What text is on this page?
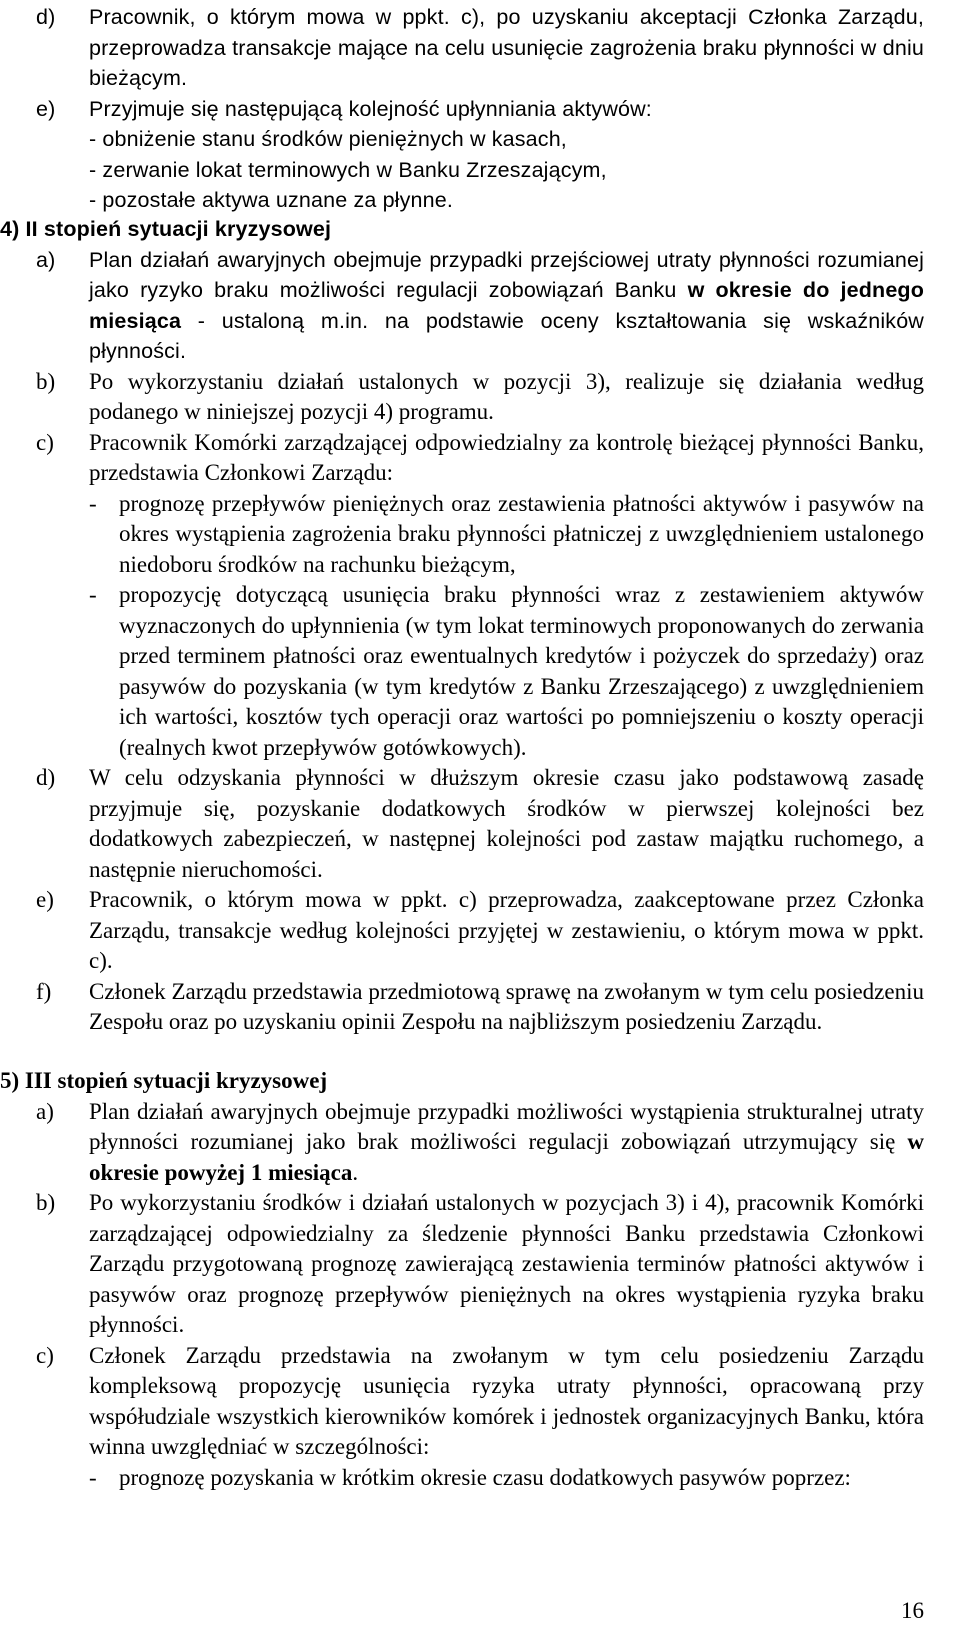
d) Pracownik, o którym mowa w ppkt. c), po uzyskaniu akceptacji Członka Zarządu, przeprowadza transakcje mające na celu usunięcie zagrożenia braku płynności w dniu bieżącym.
e) Przyjmuje się następującą kolejność upłynniania aktywów:
- obniżenie stanu środków pieniężnych w kasach,
- zerwanie lokat terminowych w Banku Zrzeszającym,
- pozostałe aktywa uznane za płynne.
4) II stopień sytuacji kryzysowej
a) Plan działań awaryjnych obejmuje przypadki przejściowej utraty płynności rozumianej jako ryzyko braku możliwości regulacji zobowiązań Banku w okresie do jednego miesiąca - ustaloną m.in. na podstawie oceny kształtowania się wskaźników płynności.
b) Po wykorzystaniu działań ustalonych w pozycji 3), realizuje się działania według podanego w niniejszej pozycji 4) programu.
c) Pracownik Komórki zarządzającej odpowiedzialny za kontrolę bieżącej płynności Banku, przedstawia Członkowi Zarządu:
- prognozę przepływów pieniężnych oraz zestawienia płatności aktywów i pasywów na okres wystąpienia zagrożenia braku płynności płatniczej z uwzględnieniem ustalonego niedoboru środków na rachunku bieżącym,
- propozycję dotyczącą usunięcia braku płynności wraz z zestawieniem aktywów wyznaczonych do upłynnienia (w tym lokat terminowych proponowanych do zerwania przed terminem płatności oraz ewentualnych kredytów i pożyczek do sprzedaży) oraz pasywów do pozyskania (w tym kredytów z Banku Zrzeszającego) z uwzględnieniem ich wartości, kosztów tych operacji oraz wartości po pomniejszeniu o koszty operacji (realnych kwot przepływów gotówkowych).
d) W celu odzyskania płynności w dłuższym okresie czasu jako podstawową zasadę przyjmuje się, pozyskanie dodatkowych środków w pierwszej kolejności bez dodatkowych zabezpieczeń, w następnej kolejności pod zastaw majątku ruchomego, a następnie nieruchomości.
e) Pracownik, o którym mowa w ppkt. c) przeprowadza, zaakceptowane przez Członka Zarządu, transakcje według kolejności przyjętej w zestawieniu, o którym mowa w ppkt. c).
f) Członek Zarządu przedstawia przedmiotową sprawę na zwołanym w tym celu posiedzeniu Zespołu oraz po uzyskaniu opinii Zespołu na najbliższym posiedzeniu Zarządu.
5) III stopień sytuacji kryzysowej
a) Plan działań awaryjnych obejmuje przypadki możliwości wystąpienia strukturalnej utraty płynności rozumianej jako brak możliwości regulacji zobowiązań utrzymujący się w okresie powyżej 1 miesiąca.
b) Po wykorzystaniu środków i działań ustalonych w pozycjach 3) i 4), pracownik Komórki zarządzającej odpowiedzialny za śledzenie płynności Banku przedstawia Członkowi Zarządu przygotowaną prognozę zawierającą zestawienia terminów płatności aktywów i pasywów oraz prognozę przepływów pieniężnych na okres wystąpienia ryzyka braku płynności.
c) Członek Zarządu przedstawia na zwołanym w tym celu posiedzeniu Zarządu kompleksową propozycję usunięcia ryzyka utraty płynności, opracowaną przy współudziale wszystkich kierowników komórek i jednostek organizacyjnych Banku, która winna uwzględniać w szczególności:
- prognozę pozyskania w krótkim okresie czasu dodatkowych pasywów poprzez:
16
